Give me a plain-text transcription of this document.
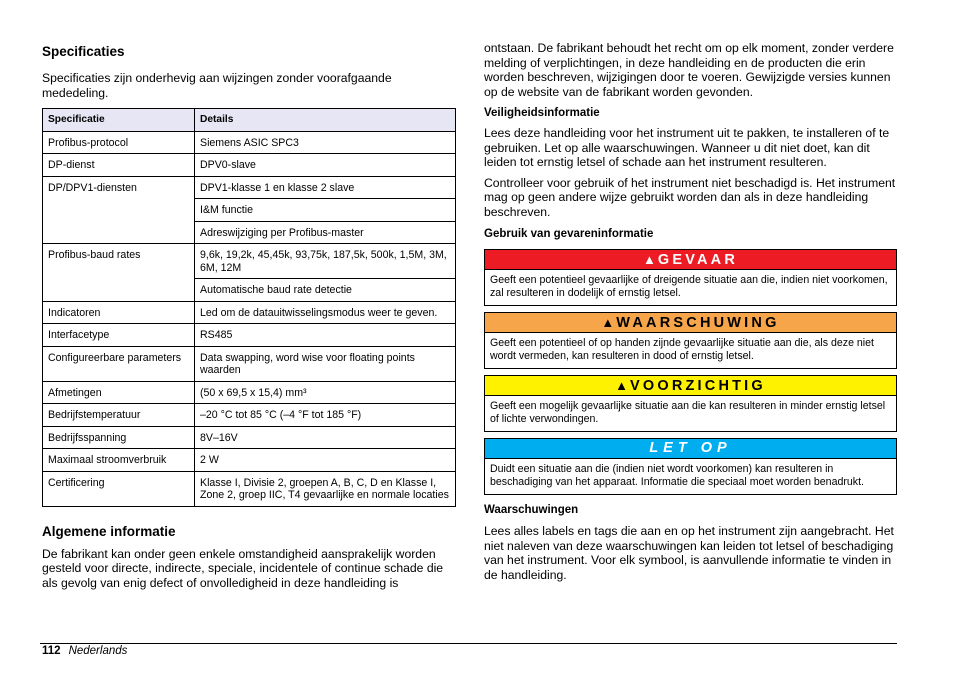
Specificaties

Specificaties zijn onderhevig aan wijzingen zonder voorafgaande mededeling.

Specificatie	Details
Profibus-protocol	Siemens ASIC SPC3
DP-dienst	DPV0-slave
DP/DPV1-diensten	DPV1-klasse 1 en klasse 2 slave
	I&M functie
	Adreswijziging per Profibus-master
Profibus-baud rates	9,6k, 19,2k, 45,45k, 93,75k, 187,5k, 500k, 1,5M, 3M, 6M, 12M
	Automatische baud rate detectie
Indicatoren	Led om de datauitwisselingsmodus weer te geven.
Interfacetype	RS485
Configureerbare parameters	Data swapping, word wise voor floating points waarden
Afmetingen	(50 x 69,5 x 15,4) mm³
Bedrijfstemperatuur	–20 °C tot 85 °C (–4 °F tot 185 °F)
Bedrijfsspanning	8V–16V
Maximaal stroomverbruik	2 W
Certificering	Klasse I, Divisie 2, groepen A, B, C, D en Klasse I, Zone 2, groep IIC, T4 gevaarlijke en normale locaties
Algemene informatie

De fabrikant kan onder geen enkele omstandigheid aansprakelijk worden gesteld voor directe, indirecte, speciale, incidentele of continue schade die als gevolg van enig defect of onvolledigheid in deze handleiding is

ontstaan. De fabrikant behoudt het recht om op elk moment, zonder verdere melding of verplichtingen, in deze handleiding en de producten die erin worden beschreven, wijzigingen door te voeren. Gewijzigde versies kunnen op de website van de fabrikant worden gevonden.

Veiligheidsinformatie

Lees deze handleiding voor het instrument uit te pakken, te installeren of te gebruiken. Let op alle waarschuwingen. Wanneer u dit niet doet, kan dit leiden tot ernstig letsel of schade aan het instrument resulteren.

Controlleer voor gebruik of het instrument niet beschadigd is. Het instrument mag op geen andere wijze gebruikt worden dan als in deze handleiding beschreven.

Gebruik van gevareninformatie
▲ GEVAAR
Geeft een potentieel gevaarlijke of dreigende situatie aan die, indien niet voorkomen, zal resulteren in dodelijk of ernstig letsel.
▲ WAARSCHUWING
Geeft een potentieel of op handen zijnde gevaarlijke situatie aan die, als deze niet wordt vermeden, kan resulteren in dood of ernstig letsel.
▲ VOORZICHTIG
Geeft een mogelijk gevaarlijke situatie aan die kan resulteren in minder ernstig letsel of lichte verwondingen.
LET OP
Duidt een situatie aan die (indien niet wordt voorkomen) kan resulteren in beschadiging van het apparaat. Informatie die speciaal moet worden benadrukt.
Waarschuwingen

Lees alles labels en tags die aan en op het instrument zijn aangebracht. Het niet naleven van deze waarschuwingen kan leiden tot letsel of beschadiging van het instrument. Voor elk symbool, is aanvullende informatie te vinden in de handleiding.

112 Nederlands
